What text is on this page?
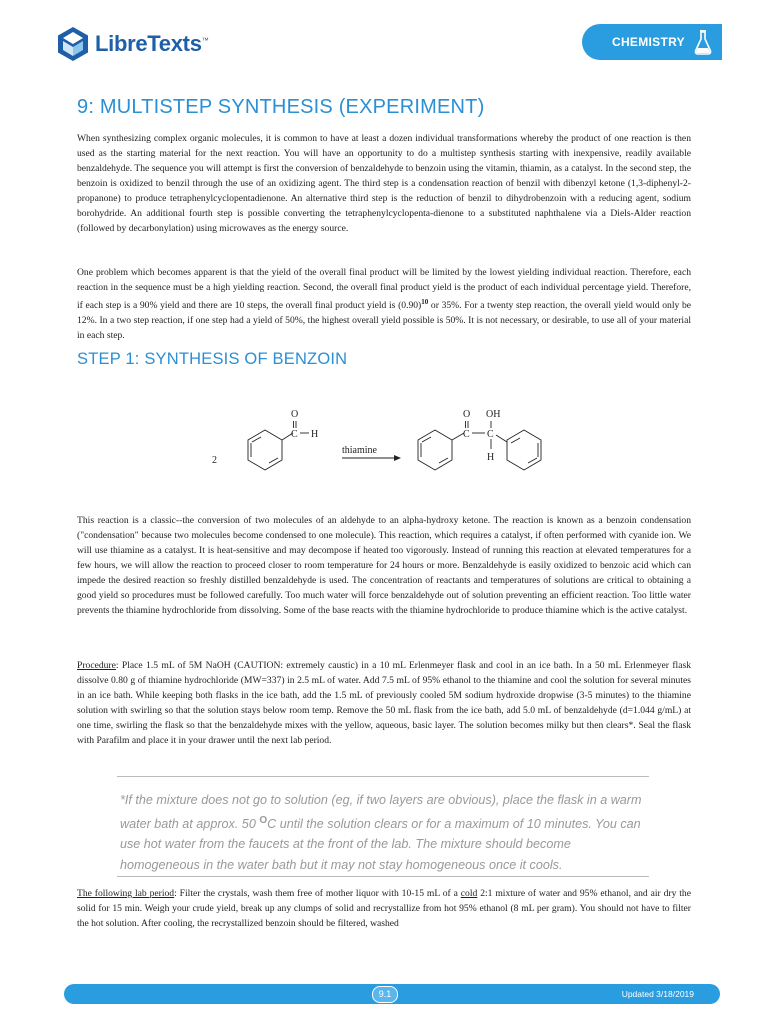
LibreTexts™	CHEMISTRY
9: MULTISTEP SYNTHESIS (EXPERIMENT)

When synthesizing complex organic molecules, it is common to have at least a dozen individual transformations whereby the product of one reaction is then used as the starting material for the next reaction. You will have an opportunity to do a multistep synthesis starting with inexpensive, readily available benzaldehyde. The sequence you will attempt is first the conversion of benzaldehyde to benzoin using the vitamin, thiamin, as a catalyst. In the second step, the benzoin is oxidized to benzil through the use of an oxidizing agent. The third step is a condensation reaction of benzil with dibenzyl ketone (1,3-diphenyl-2-propanone) to produce tetraphenylcyclopentadienone. An alternative third step is the reduction of benzil to dihydrobenzoin with a reducing agent, sodium borohydride. An additional fourth step is possible converting the tetraphenylcyclopenta-dienone to a substituted naphthalene via a Diels-Alder reaction (followed by decarbonylation) using microwaves as the energy source.

One problem which becomes apparent is that the yield of the overall final product will be limited by the lowest yielding individual reaction. Therefore, each reaction in the sequence must be a high yielding reaction. Second, the overall final product yield is the product of each individual percentage yield. Therefore, if each step is a 90% yield and there are 10 steps, the overall final product yield is $(0.90)^{10}$ or 35%. For a twenty step reaction, the overall yield would only be 12%. In a two step reaction, if one step had a yield of 50%, the highest overall yield possible is 50%. It is not necessary, or desirable, to use all of your material in each step.

STEP 1: SYNTHESIS OF BENZOIN
2
C
O
H
thiamine
C
O
C
OH
H

This reaction is a classic--the conversion of two molecules of an aldehyde to an alpha-hydroxy ketone. The reaction is known as a benzoin condensation ("condensation" because two molecules become condensed to one molecule). This reaction, which requires a catalyst, if often performed with cyanide ion. We will use thiamine as a catalyst. It is heat-sensitive and may decompose if heated too vigorously. Instead of running this reaction at elevated temperatures for a few hours, we will allow the reaction to proceed closer to room temperature for 24 hours or more. Benzaldehyde is easily oxidized to benzoic acid which can impede the desired reaction so freshly distilled benzaldehyde is used. The concentration of reactants and temperatures of solutions are critical to obtaining a good yield so procedures must be followed carefully. Too much water will force benzaldehyde out of solution preventing an efficient reaction. Too little water prevents the thiamine hydrochloride from dissolving. Some of the base reacts with the thiamine hydrochloride to produce thiamine which is the active catalyst.

Procedure: Place 1.5 mL of 5M NaOH (CAUTION: extremely caustic) in a 10 mL Erlenmeyer flask and cool in an ice bath. In a 50 mL Erlenmeyer flask dissolve 0.80 g of thiamine hydrochloride (MW=337) in 2.5 mL of water. Add 7.5 mL of 95% ethanol to the thiamine and cool the solution for several minutes in an ice bath. While keeping both flasks in the ice bath, add the 1.5 mL of previously cooled 5M sodium hydroxide dropwise (3-5 minutes) to the thiamine solution with swirling so that the solution stays below room temp. Remove the 50 mL flask from the ice bath, add 5.0 mL of benzaldehyde (d=1.044 g/mL) at one time, swirling the flask so that the benzaldehyde mixes with the yellow, aqueous, basic layer. The solution becomes milky but then clears*. Seal the flask with Parafilm and place it in your drawer until the next lab period.

*If the mixture does not go to solution (eg, if two layers are obvious), place the flask in a warm water bath at approx. 50 $^O$C until the solution clears or for a maximum of 10 minutes. You can use hot water from the faucets at the front of the lab. The mixture should become homogeneous in the water bath but it may not stay homogeneous once it cools.

The following lab period: Filter the crystals, wash them free of mother liquor with 10-15 mL of a cold 2:1 mixture of water and 95% ethanol, and air dry the solid for 15 min. Weigh your crude yield, break up any clumps of solid and recrystallize from hot 95% ethanol (8 mL per gram). You should not have to filter the hot solution. After cooling, the recrystallized benzoin should be filtered, washed

9.1	Updated 3/18/2019
